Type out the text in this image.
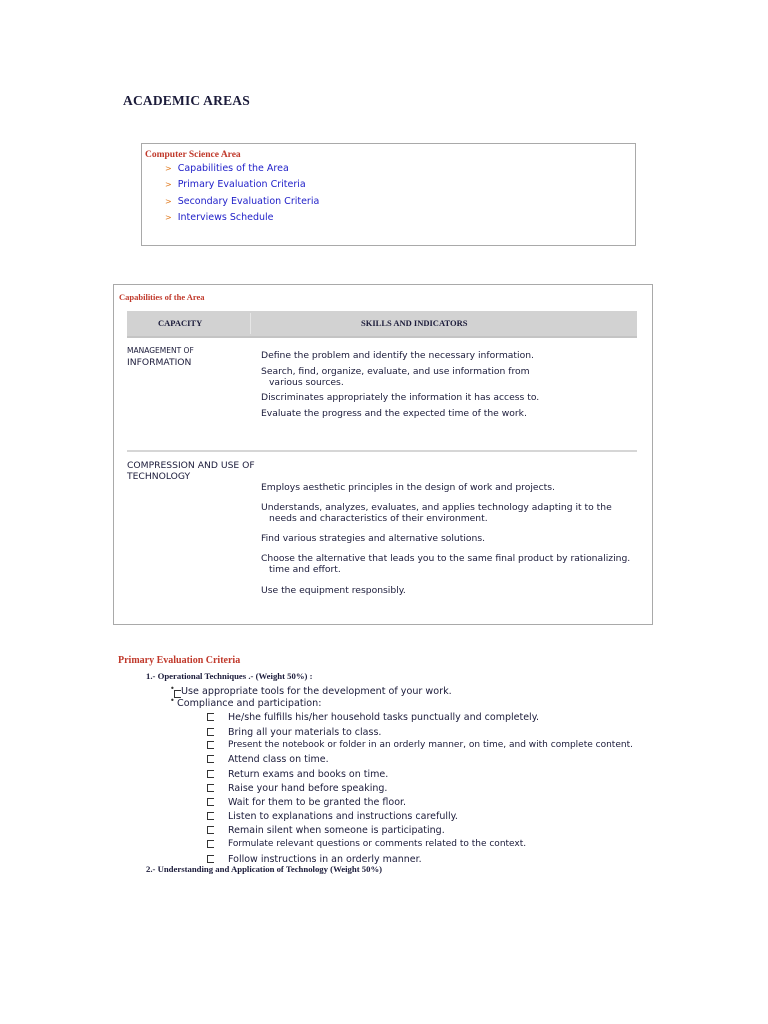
ACADEMIC AREAS
Computer Science Area
> Capabilities of the Area
> Primary Evaluation Criteria
> Secondary Evaluation Criteria
> Interviews Schedule
Capabilities of the Area
CAPACITY	SKILLS AND INDICATORS
MANAGEMENT OF
INFORMATION
Define the problem and identify the necessary information.
Search, find, organize, evaluate, and use information from
various sources.
Discriminates appropriately the information it has access to.
Evaluate the progress and the expected time of the work.
COMPRESSION AND USE OF
TECHNOLOGY
Employs aesthetic principles in the design of work and projects.
Understands, analyzes, evaluates, and applies technology adapting it to the
needs and characteristics of their environment.
Find various strategies and alternative solutions.
Choose the alternative that leads you to the same final product by rationalizing.
time and effort.
Use the equipment responsibly.
Primary Evaluation Criteria
1.- Operational Techniques .- (Weight 50%) :
• Use appropriate tools for the development of your work.
• Compliance and participation:
He/she fulfills his/her household tasks punctually and completely.
Bring all your materials to class.
Present the notebook or folder in an orderly manner, on time, and with complete content.
Attend class on time.
Return exams and books on time.
Raise your hand before speaking.
Wait for them to be granted the floor.
Listen to explanations and instructions carefully.
Remain silent when someone is participating.
Formulate relevant questions or comments related to the context.
Follow instructions in an orderly manner.
2.- Understanding and Application of Technology (Weight 50%)
